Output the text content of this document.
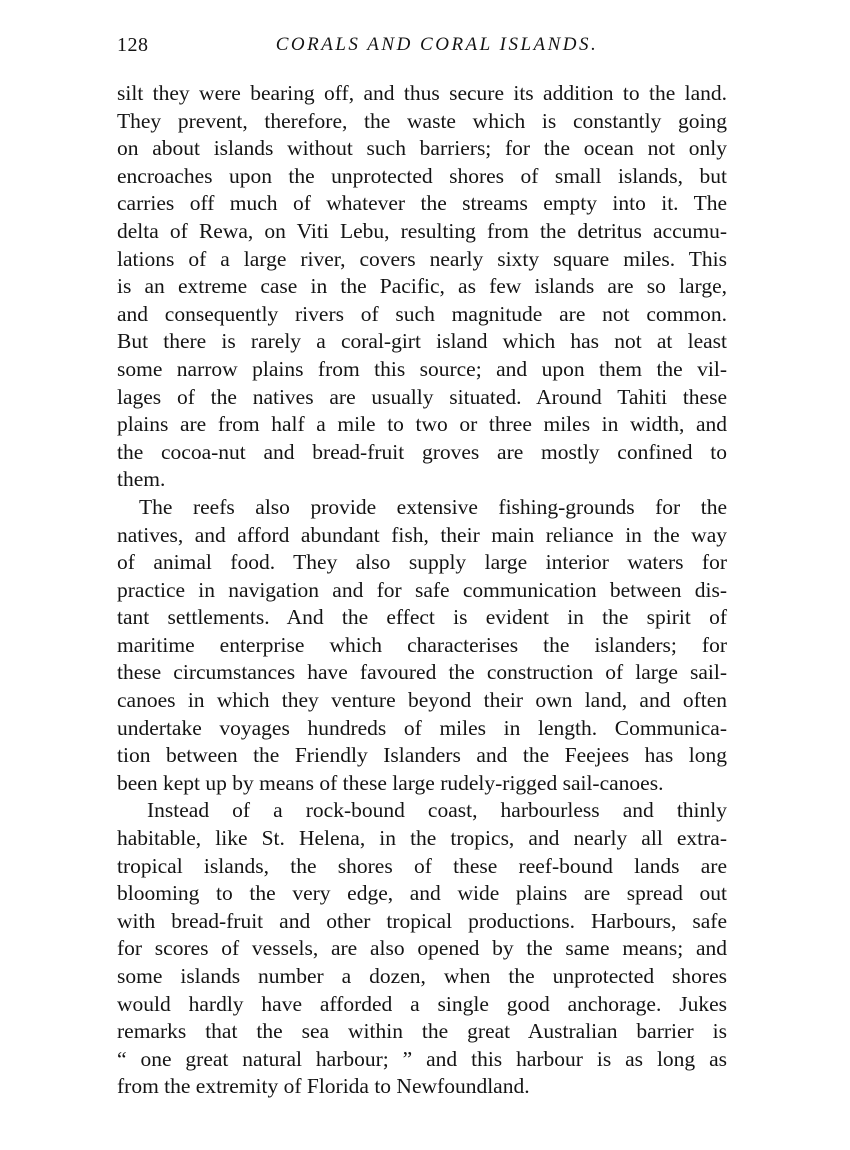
128	CORALS AND CORAL ISLANDS.
silt they were bearing off, and thus secure its addition to the land.
They prevent, therefore, the waste which is constantly going
on about islands without such barriers; for the ocean not only
encroaches upon the unprotected shores of small islands, but
carries off much of whatever the streams empty into it. The
delta of Rewa, on Viti Lebu, resulting from the detritus accumu-
lations of a large river, covers nearly sixty square miles. This
is an extreme case in the Pacific, as few islands are so large,
and consequently rivers of such magnitude are not common.
But there is rarely a coral-girt island which has not at least
some narrow plains from this source; and upon them the vil-
lages of the natives are usually situated. Around Tahiti these
plains are from half a mile to two or three miles in width, and
the cocoa-nut and bread-fruit groves are mostly confined to
them.
The reefs also provide extensive fishing-grounds for the
natives, and afford abundant fish, their main reliance in the way
of animal food. They also supply large interior waters for
practice in navigation and for safe communication between dis-
tant settlements. And the effect is evident in the spirit of
maritime enterprise which characterises the islanders; for
these circumstances have favoured the construction of large sail-
canoes in which they venture beyond their own land, and often
undertake voyages hundreds of miles in length. Communica-
tion between the Friendly Islanders and the Feejees has long
been kept up by means of these large rudely-rigged sail-canoes.
Instead of a rock-bound coast, harbourless and thinly
habitable, like St. Helena, in the tropics, and nearly all extra-
tropical islands, the shores of these reef-bound lands are
blooming to the very edge, and wide plains are spread out
with bread-fruit and other tropical productions. Harbours, safe
for scores of vessels, are also opened by the same means; and
some islands number a dozen, when the unprotected shores
would hardly have afforded a single good anchorage. Jukes
remarks that the sea within the great Australian barrier is
“ one great natural harbour; ” and this harbour is as long as
from the extremity of Florida to Newfoundland.
